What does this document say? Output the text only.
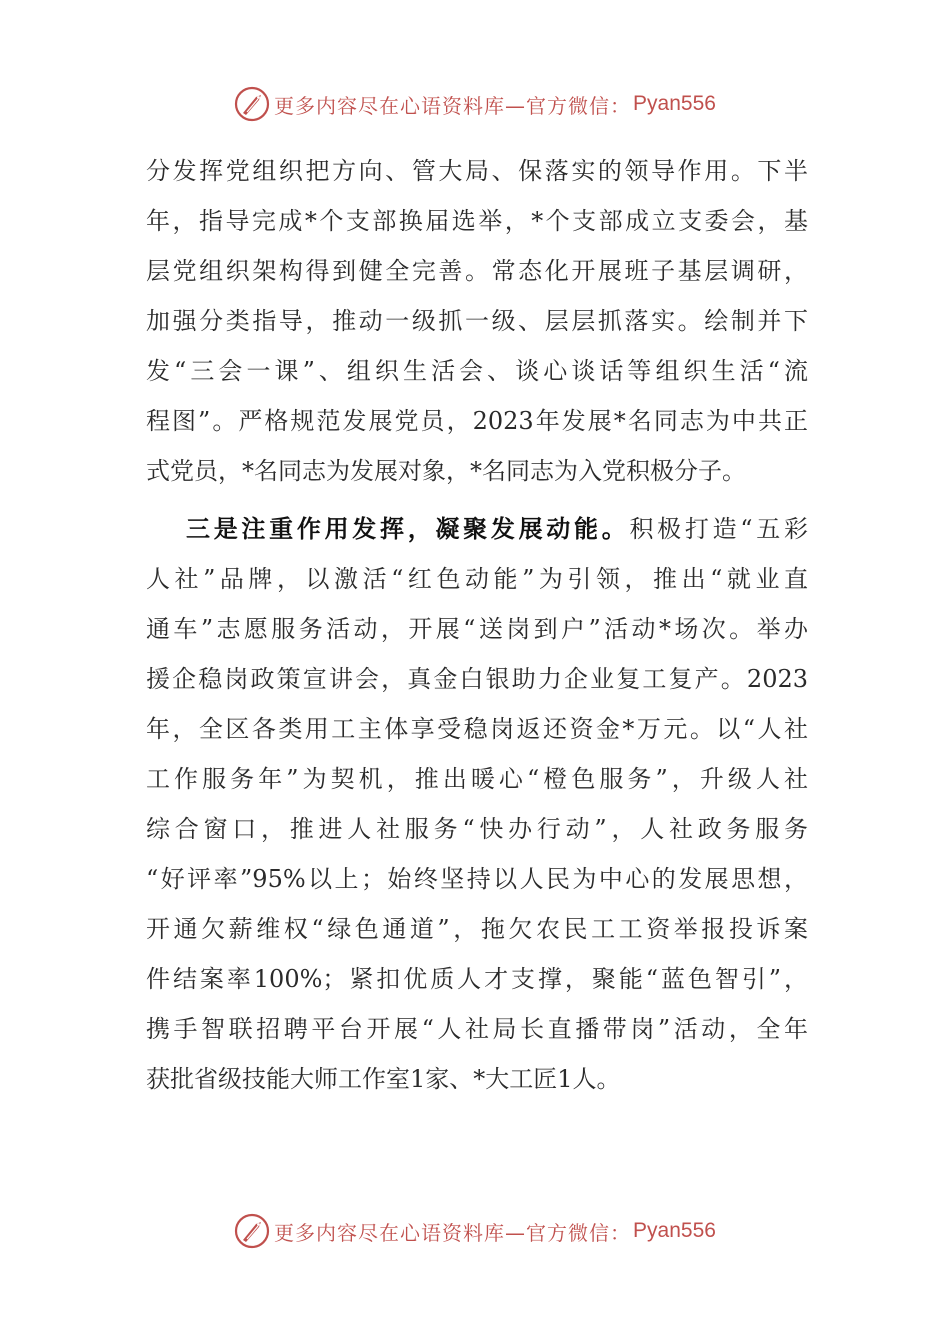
更多内容尽在心语资料库—官方微信： Pyan556
分发挥党组织把方向、管大局、保落实的领导作用。下半
年，指导完成*个支部换届选举，*个支部成立支委会，基
层党组织架构得到健全完善。常态化开展班子基层调研，
加强分类指导，推动一级抓一级、层层抓落实。绘制并下
发“三会一课”、组织生活会、谈心谈话等组织生活“流
程图”。严格规范发展党员，2023年发展*名同志为中共正
式党员，*名同志为发展对象，*名同志为入党积极分子。
三是注重作用发挥，凝聚发展动能。积极打造“五彩
人社”品牌，以激活“红色动能”为引领，推出“就业直
通车”志愿服务活动，开展“送岗到户”活动*场次。举办
援企稳岗政策宣讲会，真金白银助力企业复工复产。2023
年，全区各类用工主体享受稳岗返还资金*万元。以“人社
工作服务年”为契机，推出暖心“橙色服务”，升级人社
综合窗口，推进人社服务“快办行动”，人社政务服务
“好评率”95%以上；始终坚持以人民为中心的发展思想，
开通欠薪维权“绿色通道”，拖欠农民工工资举报投诉案
件结案率100%；紧扣优质人才支撑，聚能“蓝色智引”，
携手智联招聘平台开展“人社局长直播带岗”活动，全年
获批省级技能大师工作室1家、*大工匠1人。
更多内容尽在心语资料库—官方微信： Pyan556
